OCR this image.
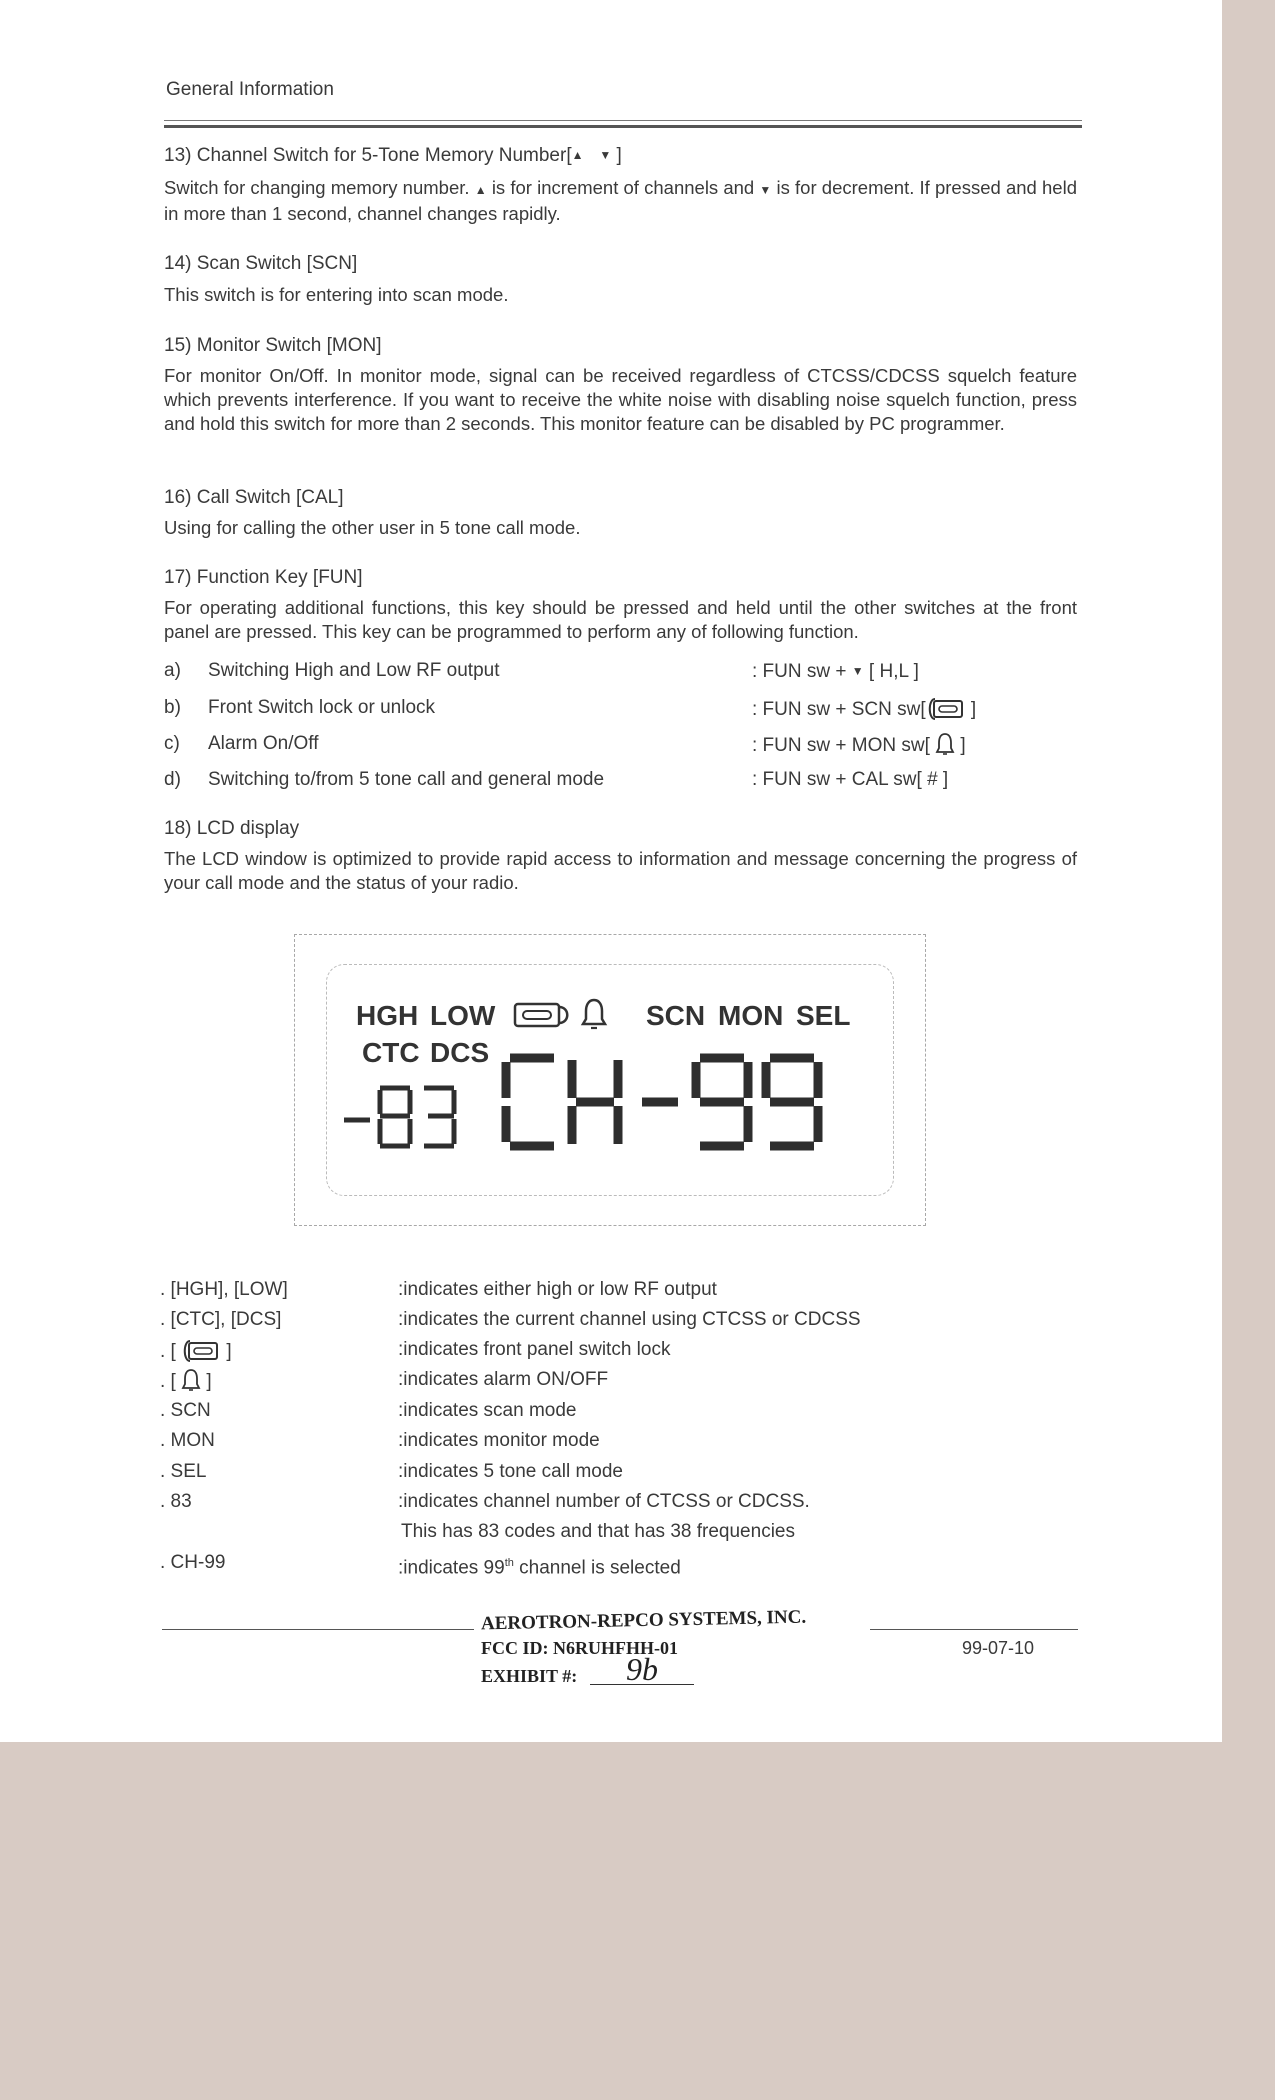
General Information
13) Channel Switch for 5-Tone Memory Number[▲ ▼ ]
Switch for changing memory number. ▲ is for increment of channels and ▼ is for decrement. If pressed and held in more than 1 second, channel changes rapidly.
14) Scan Switch [SCN]
This switch is for entering into scan mode.
15) Monitor Switch [MON]
For monitor On/Off. In monitor mode, signal can be received regardless of CTCSS/CDCSS squelch feature which prevents interference. If you want to receive the white noise with disabling noise squelch function, press and hold this switch for more than 2 seconds. This monitor feature can be disabled by PC programmer.
16) Call Switch [CAL]
Using for calling the other user in 5 tone call mode.
17) Function Key [FUN]
For operating additional functions, this key should be pressed and held until the other switches at the front panel are pressed. This key can be programmed to perform any of following function.
a) Switching High and Low RF output	: FUN sw + ▼ [ H,L ]
b) Front Switch lock or unlock	: FUN sw + SCN sw[ ]
c) Alarm On/Off	: FUN sw + MON sw[  ]
d) Switching to/from 5 tone call and general mode	: FUN sw + CAL sw[ # ]
18) LCD display
The LCD window is optimized to provide rapid access to information and message concerning the progress of your call mode and the status of your radio.
HGH LOW	SCN MON SEL
CTC DCS
. [HGH], [LOW]	:indicates either high or low RF output
. [CTC], [DCS]	:indicates the current channel using CTCSS or CDCSS
. [  ]	:indicates front panel switch lock
. [  ]	:indicates alarm ON/OFF
. SCN	:indicates scan mode
. MON	:indicates monitor mode
. SEL	:indicates 5 tone call mode
. 83	:indicates channel number of CTCSS or CDCSS.
This has 83 codes and that has 38 frequencies
. CH-99	:indicates 99th channel is selected
AEROTRON-REPCO SYSTEMS, INC.
FCC ID: N6RUHFHH-01
EXHIBIT #:	9b
99-07-10
